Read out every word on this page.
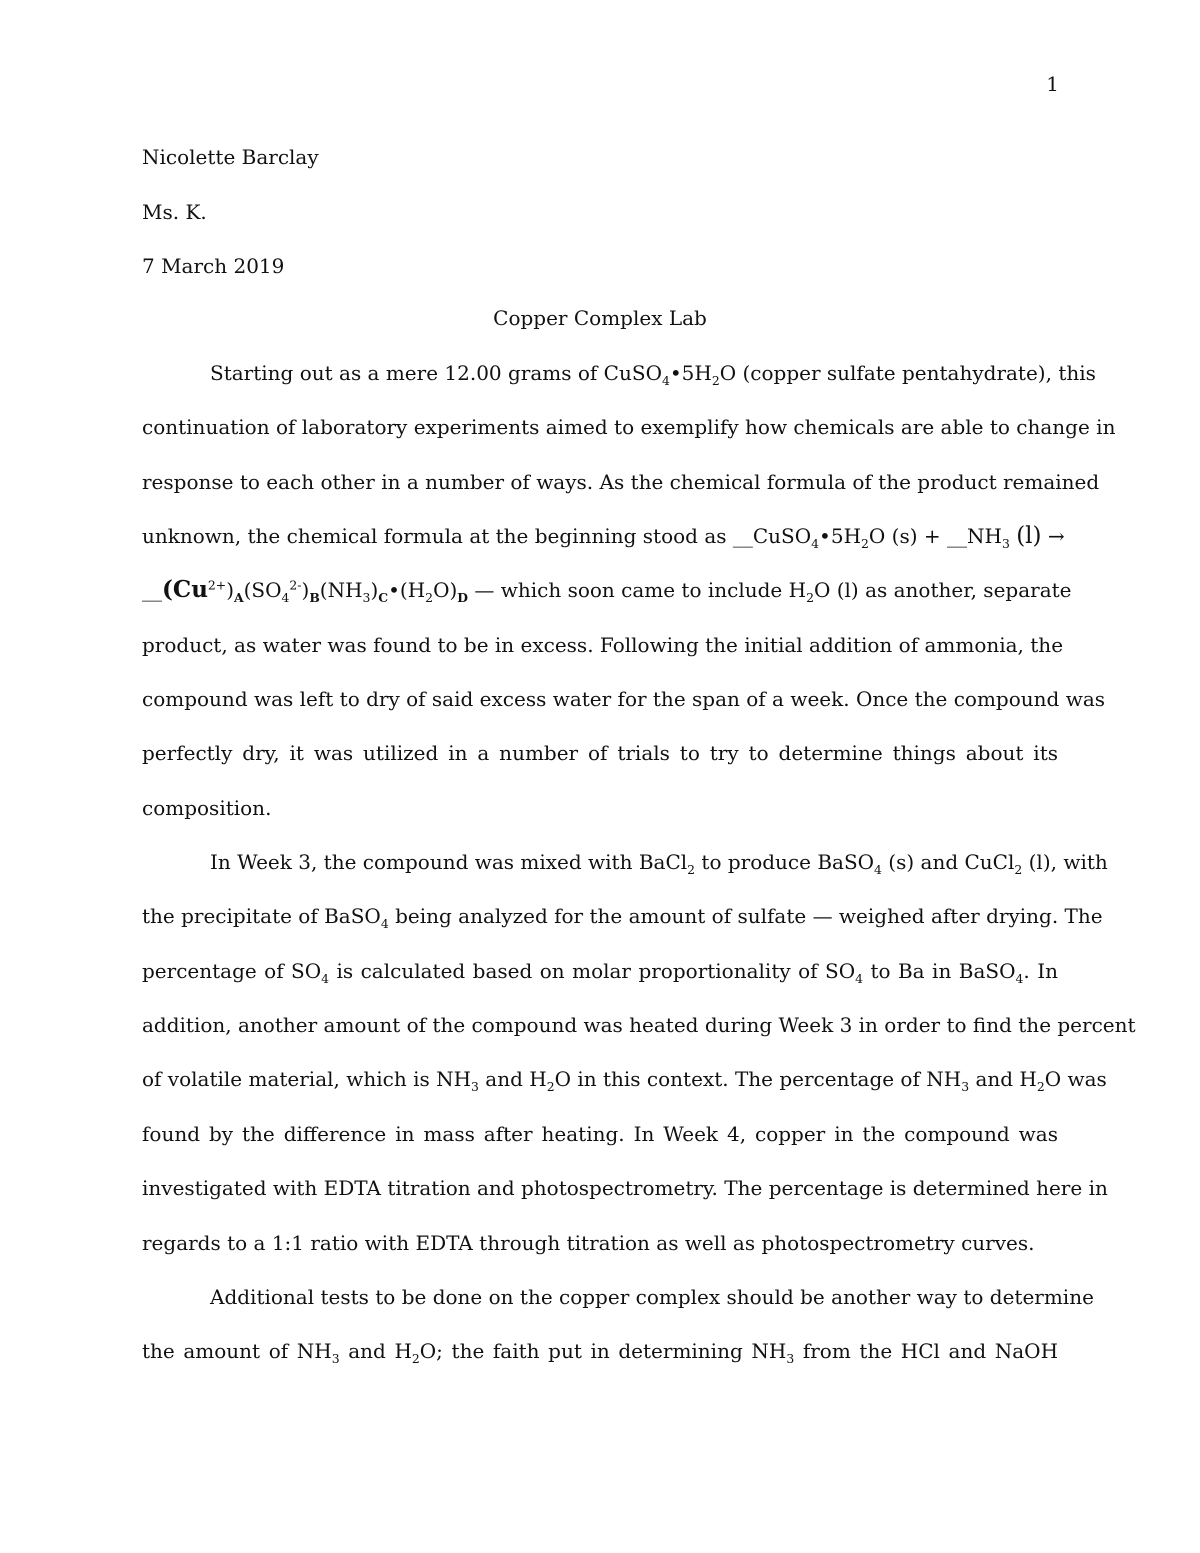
1
Nicolette Barclay
Ms. K.
7 March 2019
Copper Complex Lab
Starting out as a mere 12.00 grams of $CuSO_4•5H_2O$ (copper sulfate pentahydrate), this
continuation of laboratory experiments aimed to exemplify how chemicals are able to change in
response to each other in a number of ways. As the chemical formula of the product remained
unknown, the chemical formula at the beginning stood as $\_\_CuSO_4•5H_2O$ $(s) + \_\_NH_3$ (l) →
$\_\_(Cu^{2+})_A(SO_4^{2-})_B(NH_3)_C•(H_2O)_D$ — which soon came to include $H_2O$ (l) as another, separate
product, as water was found to be in excess. Following the initial addition of ammonia, the
compound was left to dry of said excess water for the span of a week. Once the compound was
perfectly dry, it was utilized in a number of trials to try to determine things about its
composition.
In Week 3, the compound was mixed with BaCl$_2$ to produce BaSO$_4$ (s) and CuCl$_2$ (l), with
the precipitate of BaSO$_4$ being analyzed for the amount of sulfate — weighed after drying. The
percentage of $SO_4$ is calculated based on molar proportionality of $SO_4$ to Ba in BaSO$_4$. In
addition, another amount of the compound was heated during Week 3 in order to find the percent
of volatile material, which is $NH_3$ and $H_2O$ in this context. The percentage of $NH_3$ and $H_2O$ was
found by the difference in mass after heating. In Week 4, copper in the compound was
investigated with EDTA titration and photospectrometry. The percentage is determined here in
regards to a 1:1 ratio with EDTA through titration as well as photospectrometry curves.
Additional tests to be done on the copper complex should be another way to determine
the amount of $NH_3$ and $H_2O$; the faith put in determining $NH_3$ from the HCl and NaOH
